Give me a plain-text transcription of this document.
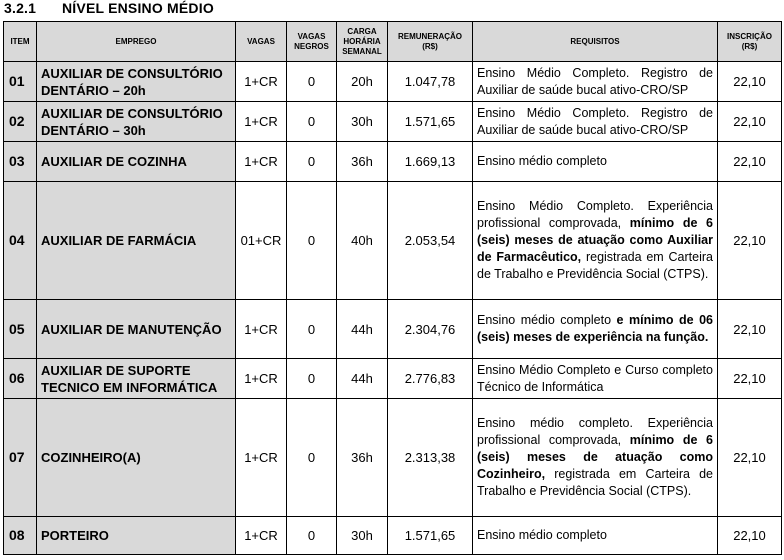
3.2.1 NÍVEL ENSINO MÉDIO
ITEM	EMPREGO	VAGAS	VAGAS NEGROS	CARGA HORÁRIA SEMANAL	REMUNERAÇÃO (R$)	REQUISITOS	INSCRIÇÃO (R$)
01	AUXILIAR DE CONSULTÓRIO DENTÁRIO – 20h	1+CR	0	20h	1.047,78	Ensino Médio Completo. Registro de Auxiliar de saúde bucal ativo-CRO/SP	22,10
02	AUXILIAR DE CONSULTÓRIO DENTÁRIO – 30h	1+CR	0	30h	1.571,65	Ensino Médio Completo. Registro de Auxiliar de saúde bucal ativo-CRO/SP	22,10
03	AUXILIAR DE COZINHA	1+CR	0	36h	1.669,13	Ensino médio completo	22,10
04	AUXILIAR DE FARMÁCIA	01+CR	0	40h	2.053,54	Ensino Médio Completo. Experiência profissional comprovada, mínimo de 6 (seis) meses de atuação como Auxiliar de Farmacêutico, registrada em Carteira de Trabalho e Previdência Social (CTPS).	22,10
05	AUXILIAR DE MANUTENÇÃO	1+CR	0	44h	2.304,76	Ensino médio completo e mínimo de 06 (seis) meses de experiência na função.	22,10
06	AUXILIAR DE SUPORTE TECNICO EM INFORMÁTICA	1+CR	0	44h	2.776,83	Ensino Médio Completo e Curso completo Técnico de Informática	22,10
07	COZINHEIRO(A)	1+CR	0	36h	2.313,38	Ensino médio completo. Experiência profissional comprovada, mínimo de 6 (seis) meses de atuação como Cozinheiro, registrada em Carteira de Trabalho e Previdência Social (CTPS).	22,10
08	PORTEIRO	1+CR	0	30h	1.571,65	Ensino médio completo	22,10
